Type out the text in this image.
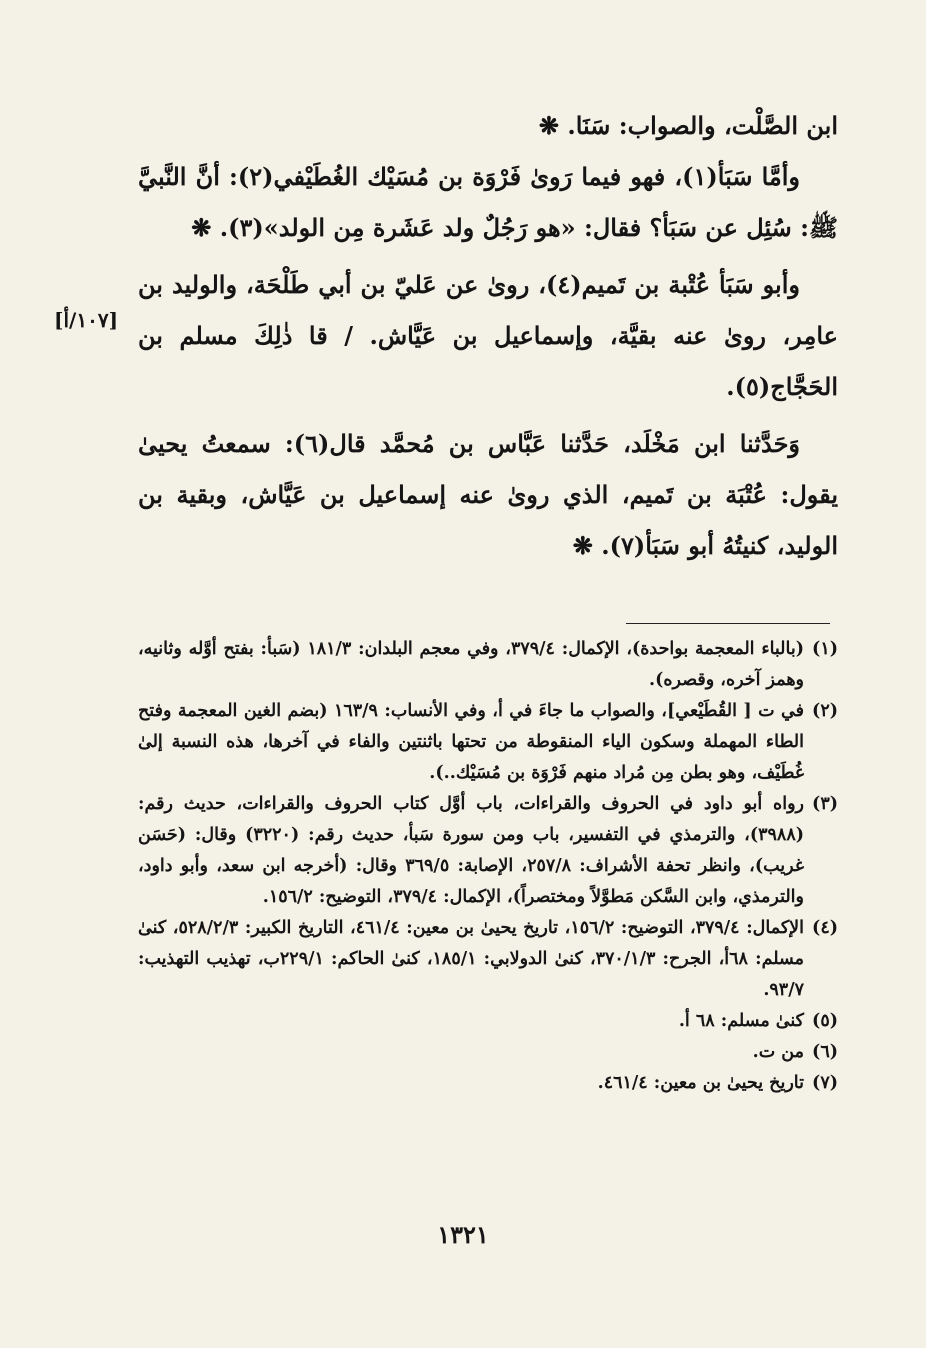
ابن الصَّلْت، والصواب: سَنَا. ❋

وأمَّا سَبَأ(١)، فهو فيما رَوىٰ فَرْوَة بن مُسَيْك الغُطَيْفي(٢): أنَّ النَّبيَّ ﷺ: سُئِل عن سَبَأ؟ فقال: «هو رَجُلٌ ولد عَشَرة مِن الولد»(٣). ❋

وأبو سَبَأ عُتْبة بن تَميم(٤)، روىٰ عن عَليّ بن أبي طَلْحَة، والوليد بن عامِر، روىٰ عنه بقيَّة، وإسماعيل بن عَيَّاش. / قا ذٰلِكَ مسلم بن الحَجَّاج(٥).

وَحَدَّثنا ابن مَخْلَد، حَدَّثنا عَبَّاس بن مُحمَّد قال(٦): سمعتُ يحيىٰ يقول: عُتْبَة بن تَميم، الذي روىٰ عنه إسماعيل بن عَيَّاش، وبقية بن الوليد، كنيتُهُ أبو سَبَأ(٧). ❋

[١٠٧/أ]

(١)
(بالباء المعجمة بواحدة)، الإكمال: ٣٧٩/٤، وفي معجم البلدان: ١٨١/٣ (سَبأ: بفتح أوَّله وثانيه، وهمز آخره، وقصره).

(٢)
في ت [ القُطَيْعي]، والصواب ما جاءَ في أ، وفي الأنساب: ١٦٣/٩ (بضم الغين المعجمة وفتح الطاء المهملة وسكون الياء المنقوطة من تحتها باثنتين والفاء في آخرها، هذه النسبة إلىٰ غُطَيْف، وهو بطن مِن مُراد منهم فَرْوَة بن مُسَيْك..).

(٣)
رواه أبو داود في الحروف والقراءات، باب أوَّل كتاب الحروف والقراءات، حديث رقم: (٣٩٨٨)، والترمذي في التفسير، باب ومن سورة سَبأ، حديث رقم: (٣٢٢٠) وقال: (حَسَن غريب)، وانظر تحفة الأشراف: ٢٥٧/٨، الإصابة: ٣٦٩/٥ وقال: (أخرجه ابن سعد، وأبو داود، والترمذي، وابن السَّكن مَطوَّلاً ومختصراً)، الإكمال: ٣٧٩/٤، التوضيح: ١٥٦/٢.

(٤)
الإكمال: ٣٧٩/٤، التوضيح: ١٥٦/٢، تاريخ يحيىٰ بن معين: ٤٦١/٤، التاريخ الكبير: ٥٢٨/٢/٣، كنىٰ مسلم: ٦٨أ، الجرح: ٣٧٠/١/٣، كنىٰ الدولابي: ١٨٥/١، كنىٰ الحاكم: ٢٢٩/١ب، تهذيب التهذيب: ٩٣/٧.

(٥)
كنىٰ مسلم: ٦٨ أ.

(٦)
من ت.

(٧)
تاريخ يحيىٰ بن معين: ٤٦١/٤.

١٣٢١
